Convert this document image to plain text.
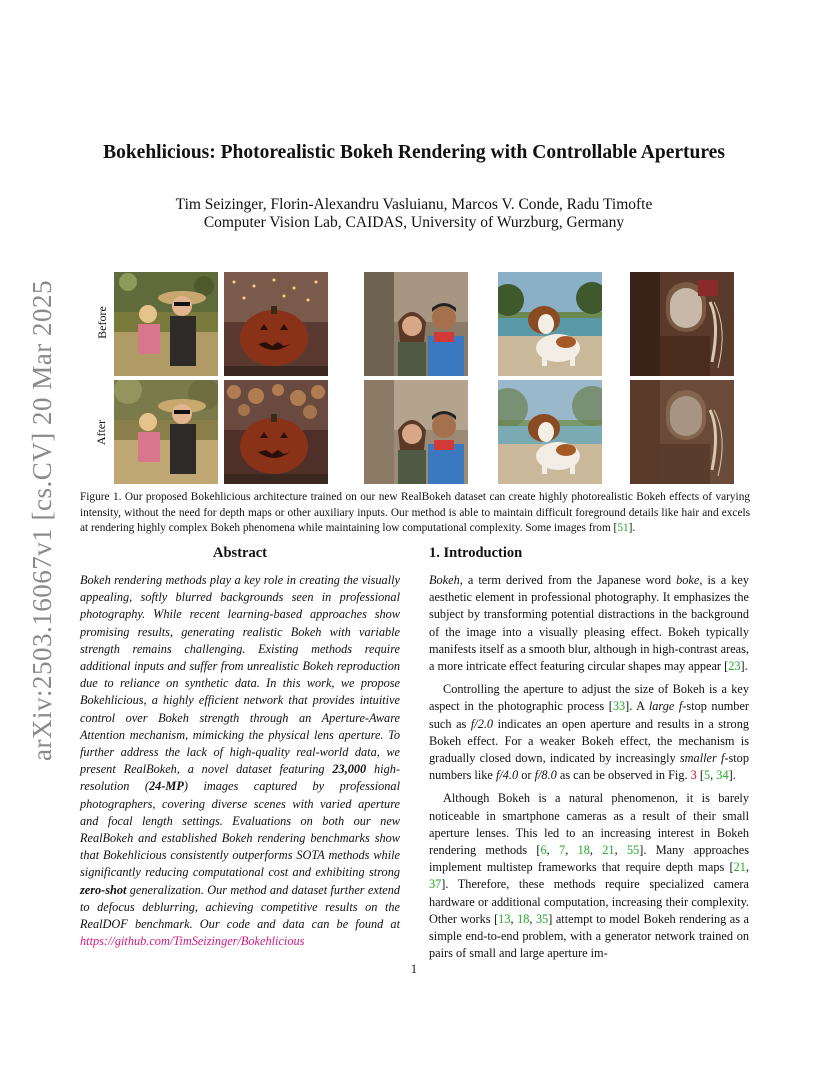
arXiv:2503.16067v1 [cs.CV] 20 Mar 2025
Bokehlicious: Photorealistic Bokeh Rendering with Controllable Apertures
Tim Seizinger, Florin-Alexandru Vasluianu, Marcos V. Conde, Radu Timofte
Computer Vision Lab, CAIDAS, University of Wurzburg, Germany
Before
After
Figure 1. Our proposed Bokehlicious architecture trained on our new RealBokeh dataset can create highly photorealistic Bokeh effects of varying intensity, without the need for depth maps or other auxiliary inputs. Our method is able to maintain difficult foreground details like hair and excels at rendering highly complex Bokeh phenomena while maintaining low computational complexity. Some images from [51].
Abstract

Bokeh rendering methods play a key role in creating the visually appealing, softly blurred backgrounds seen in professional photography. While recent learning-based approaches show promising results, generating realistic Bokeh with variable strength remains challenging. Existing methods require additional inputs and suffer from unrealistic Bokeh reproduction due to reliance on synthetic data. In this work, we propose Bokehlicious, a highly efficient network that provides intuitive control over Bokeh strength through an Aperture-Aware Attention mechanism, mimicking the physical lens aperture. To further address the lack of high-quality real-world data, we present RealBokeh, a novel dataset featuring 23,000 high-resolution (24-MP) images captured by professional photographers, covering diverse scenes with varied aperture and focal length settings. Evaluations on both our new RealBokeh and established Bokeh rendering benchmarks show that Bokehlicious consistently outperforms SOTA methods while significantly reducing computational cost and exhibiting strong zero-shot generalization. Our method and dataset further extend to defocus deblurring, achieving competitive results on the RealDOF benchmark. Our code and data can be found at https://github.com/TimSeizinger/Bokehlicious

1. Introduction

Bokeh, a term derived from the Japanese word boke, is a key aesthetic element in professional photography. It emphasizes the subject by transforming potential distractions in the background of the image into a visually pleasing effect. Bokeh typically manifests itself as a smooth blur, although in high-contrast areas, a more intricate effect featuring circular shapes may appear [23].

Controlling the aperture to adjust the size of Bokeh is a key aspect in the photographic process [33]. A large f-stop number such as f/2.0 indicates an open aperture and results in a strong Bokeh effect. For a weaker Bokeh effect, the mechanism is gradually closed down, indicated by increasingly smaller f-stop numbers like f/4.0 or f/8.0 as can be observed in Fig. 3 [5, 34].

Although Bokeh is a natural phenomenon, it is barely noticeable in smartphone cameras as a result of their small aperture lenses. This led to an increasing interest in Bokeh rendering methods [6, 7, 18, 21, 55]. Many approaches implement multistep frameworks that require depth maps [21, 37]. Therefore, these methods require specialized camera hardware or additional computation, increasing their complexity. Other works [13, 18, 35] attempt to model Bokeh rendering as a simple end-to-end problem, with a generator network trained on pairs of small and large aperture im-

1
